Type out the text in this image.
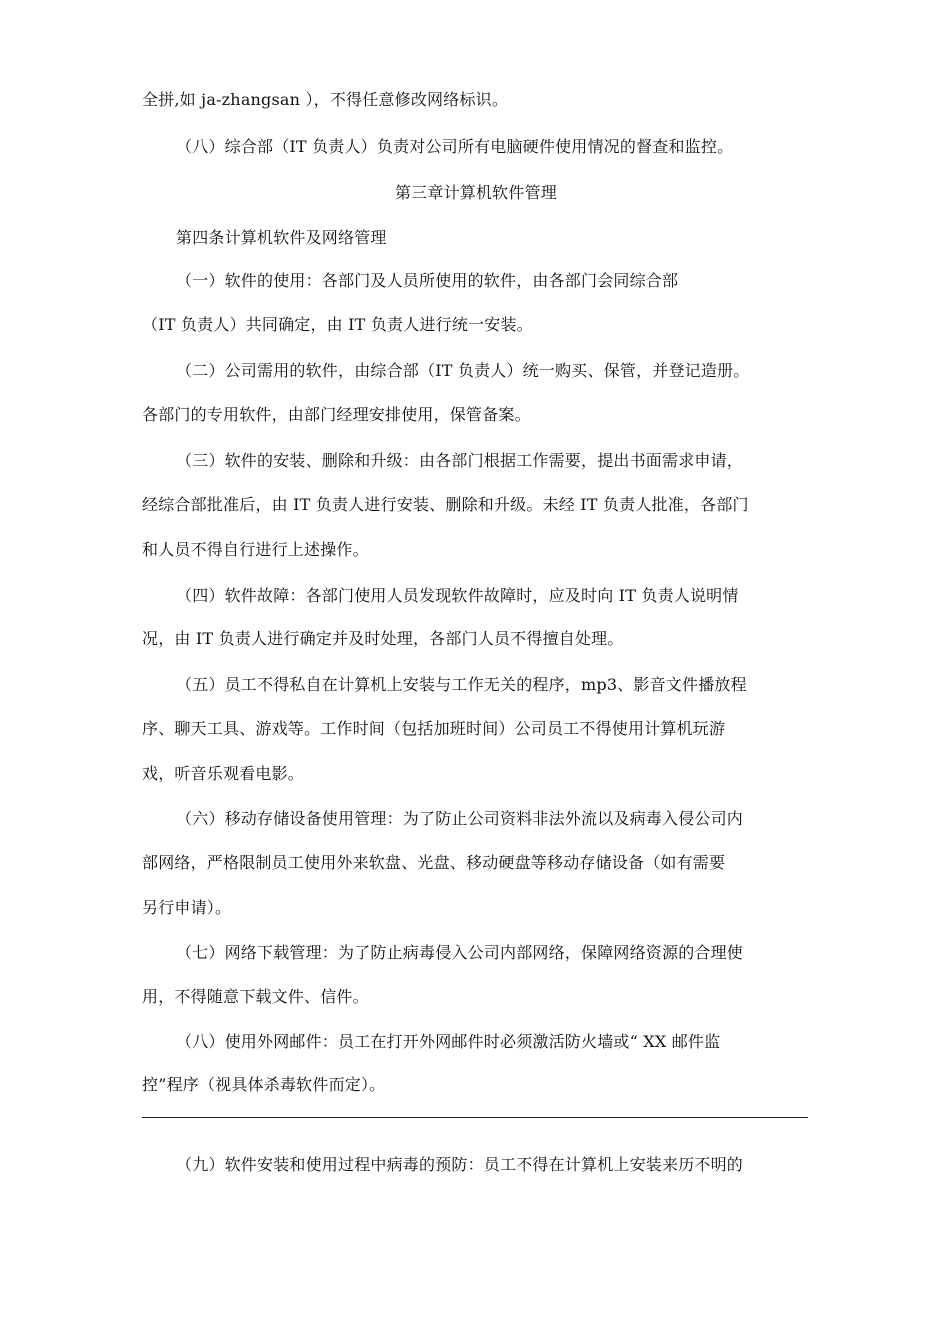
全拼,如 ja-zhangsan ），不得任意修改网络标识。
（八）综合部（IT 负责人）负责对公司所有电脑硬件使用情况的督查和监控。
第三章计算机软件管理
第四条计算机软件及网络管理
（一）软件的使用：各部门及人员所使用的软件，由各部门会同综合部
（IT 负责人）共同确定，由 IT 负责人进行统一安装。
（二）公司需用的软件，由综合部（IT 负责人）统一购买、保管，并登记造册。
各部门的专用软件，由部门经理安排使用，保管备案。
（三）软件的安装、删除和升级：由各部门根据工作需要，提出书面需求申请，
经综合部批准后，由 IT 负责人进行安装、删除和升级。未经 IT 负责人批准，各部门
和人员不得自行进行上述操作。
（四）软件故障：各部门使用人员发现软件故障时，应及时向 IT 负责人说明情
况，由 IT 负责人进行确定并及时处理，各部门人员不得擅自处理。
（五）员工不得私自在计算机上安装与工作无关的程序，mp3、影音文件播放程
序、聊天工具、游戏等。工作时间（包括加班时间）公司员工不得使用计算机玩游
戏，听音乐观看电影。
（六）移动存储设备使用管理：为了防止公司资料非法外流以及病毒入侵公司内
部网络，严格限制员工使用外来软盘、光盘、移动硬盘等移动存储设备（如有需要
另行申请）。
（七）网络下载管理：为了防止病毒侵入公司内部网络，保障网络资源的合理使
用，不得随意下载文件、信件。
（八）使用外网邮件：员工在打开外网邮件时必须激活防火墙或“ XX 邮件监
控”程序（视具体杀毒软件而定）。
（九）软件安装和使用过程中病毒的预防：员工不得在计算机上安装来历不明的
